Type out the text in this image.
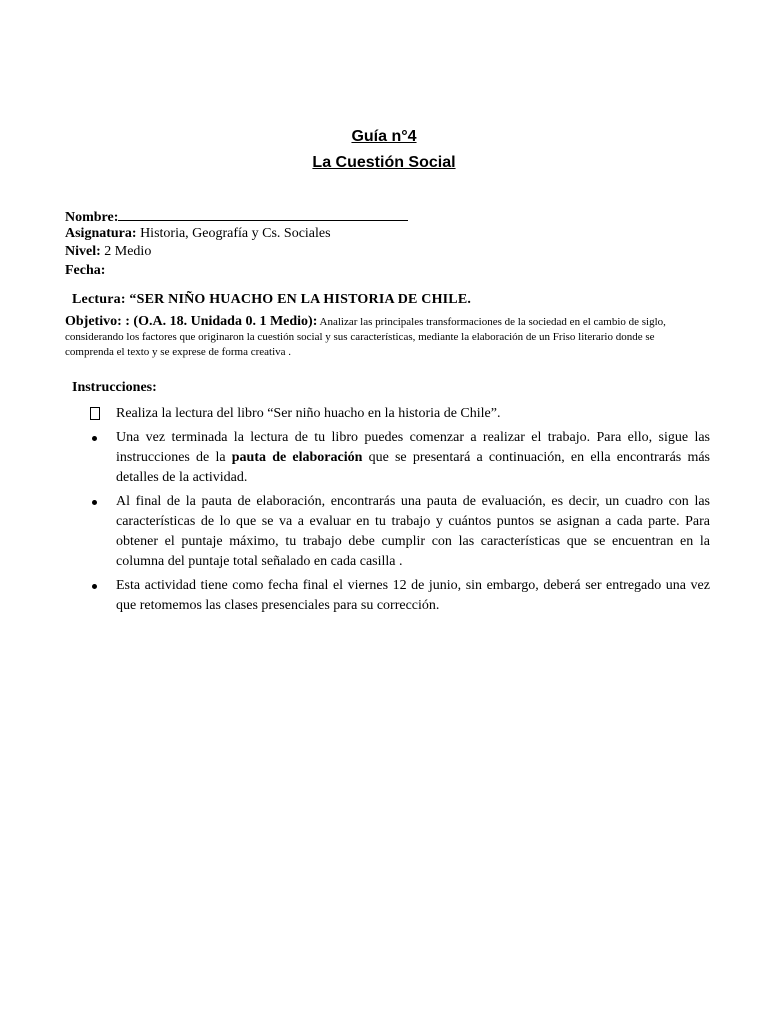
Guía n°4
La Cuestión Social
Nombre:
Asignatura: Historia, Geografía y Cs. Sociales
Nivel: 2 Medio
Fecha:
Lectura: “SER NIÑO HUACHO EN LA HISTORIA DE CHILE.
Objetivo: : (O.A. 18. Unidada 0. 1 Medio): Analizar las principales transformaciones de la sociedad en el cambio de siglo, considerando los factores que originaron la cuestión social y sus características, mediante la elaboración de un Friso literario donde se comprenda el texto y se exprese de forma creativa .
Instrucciones:
Realiza la lectura del libro “Ser niño huacho en la historia de Chile”.
Una vez terminada la lectura de tu libro puedes comenzar a realizar el trabajo. Para ello, sigue las instrucciones de la pauta de elaboración que se presentará a continuación, en ella encontrarás más detalles de la actividad.
Al final de la pauta de elaboración, encontrarás una pauta de evaluación, es decir, un cuadro con las características de lo que se va a evaluar en tu trabajo y cuántos puntos se asignan a cada parte. Para obtener el puntaje máximo, tu trabajo debe cumplir con las características que se encuentran en la columna del puntaje total señalado en cada casilla .
Esta actividad tiene como fecha final el viernes 12 de junio, sin embargo, deberá ser entregado una vez que retomemos las clases presenciales para su corrección.
